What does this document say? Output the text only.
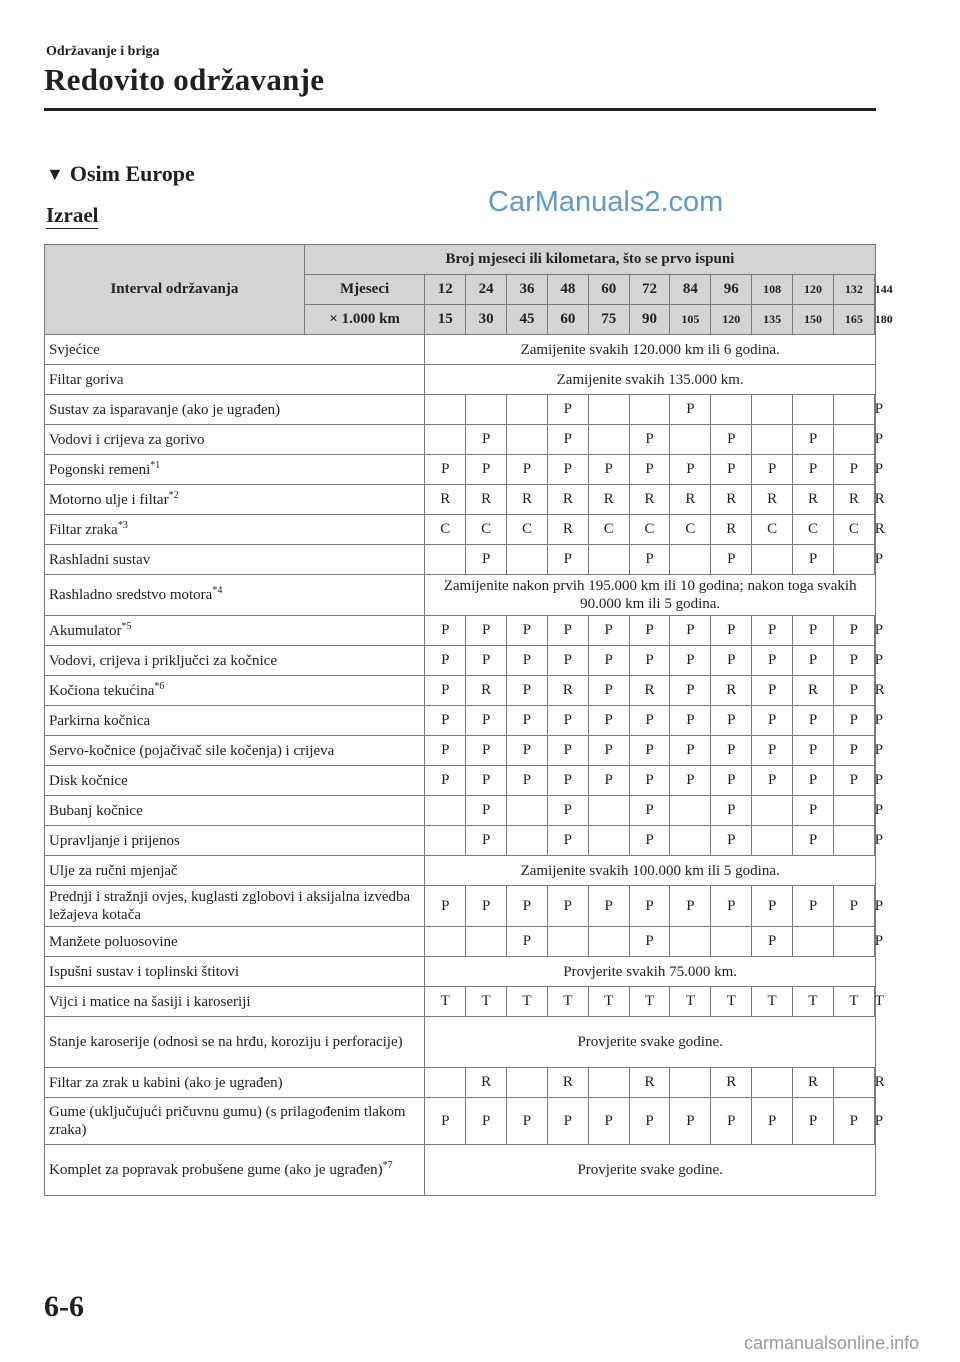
Održavanje i briga
Redovito održavanje
▼ Osim Europe
Izrael	CarManuals2.com
Interval održavanja	Broj mjeseci ili kilometara, što se prvo ispuni												
	Mjeseci	12	24	36	48	60	72	84	96	108	120	132	144
	× 1.000 km	15	30	45	60	75	90	105	120	135	150	165	180
Svjećice		Zamijenite svakih 120.000 km ili 6 godina.											
Filtar goriva		Zamijenite svakih 135.000 km.											
Sustav za isparavanje (ako je ugrađen)					P			P					P
Vodovi i crijeva za gorivo			P		P		P		P		P		P
Pogonski remeni$^{*1}$		P	P	P	P	P	P	P	P	P	P	P	P
Motorno ulje i filtar$^{*2}$		R	R	R	R	R	R	R	R	R	R	R	R
Filtar zraka$^{*3}$		C	C	C	R	C	C	C	R	C	C	C	R
Rashladni sustav			P		P		P		P		P		P
Rashladno sredstvo motora$^{*4}$		Zamijenite nakon prvih 195.000 km ili 10 godina; nakon toga svakih 90.000 km ili 5 godina.											
Akumulator$^{*5}$		P	P	P	P	P	P	P	P	P	P	P	P
Vodovi, crijeva i priključci za kočnice		P	P	P	P	P	P	P	P	P	P	P	P
Kočiona tekućina$^{*6}$		P	R	P	R	P	R	P	R	P	R	P	R
Parkirna kočnica		P	P	P	P	P	P	P	P	P	P	P	P
Servo-kočnice (pojačivač sile kočenja) i crijeva		P	P	P	P	P	P	P	P	P	P	P	P
Disk kočnice		P	P	P	P	P	P	P	P	P	P	P	P
Bubanj kočnice			P		P		P		P		P		P
Upravljanje i prijenos			P		P		P		P		P		P
Ulje za ručni mjenjač		Zamijenite svakih 100.000 km ili 5 godina.											
Prednji i stražnji ovjes, kuglasti zglobovi i aksijalna izvedba ležajeva kotača		P	P	P	P	P	P	P	P	P	P	P	P
Manžete poluosovine				P			P			P			P
Ispušni sustav i toplinski štitovi		Provjerite svakih 75.000 km.											
Vijci i matice na šasiji i karoseriji		T	T	T	T	T	T	T	T	T	T	T	T
Stanje karoserije (odnosi se na hrđu, koroziju i perforacije)		Provjerite svake godine.											
Filtar za zrak u kabini (ako je ugrađen)			R		R		R		R		R		R
Gume (uključujući pričuvnu gumu) (s prilagođenim tlakom zraka)		P	P	P	P	P	P	P	P	P	P	P	P
Komplet za popravak probušene gume (ako je ugrađen)$^{*7}$		Provjerite svake godine.											
6-6
carmanualsonline.info
